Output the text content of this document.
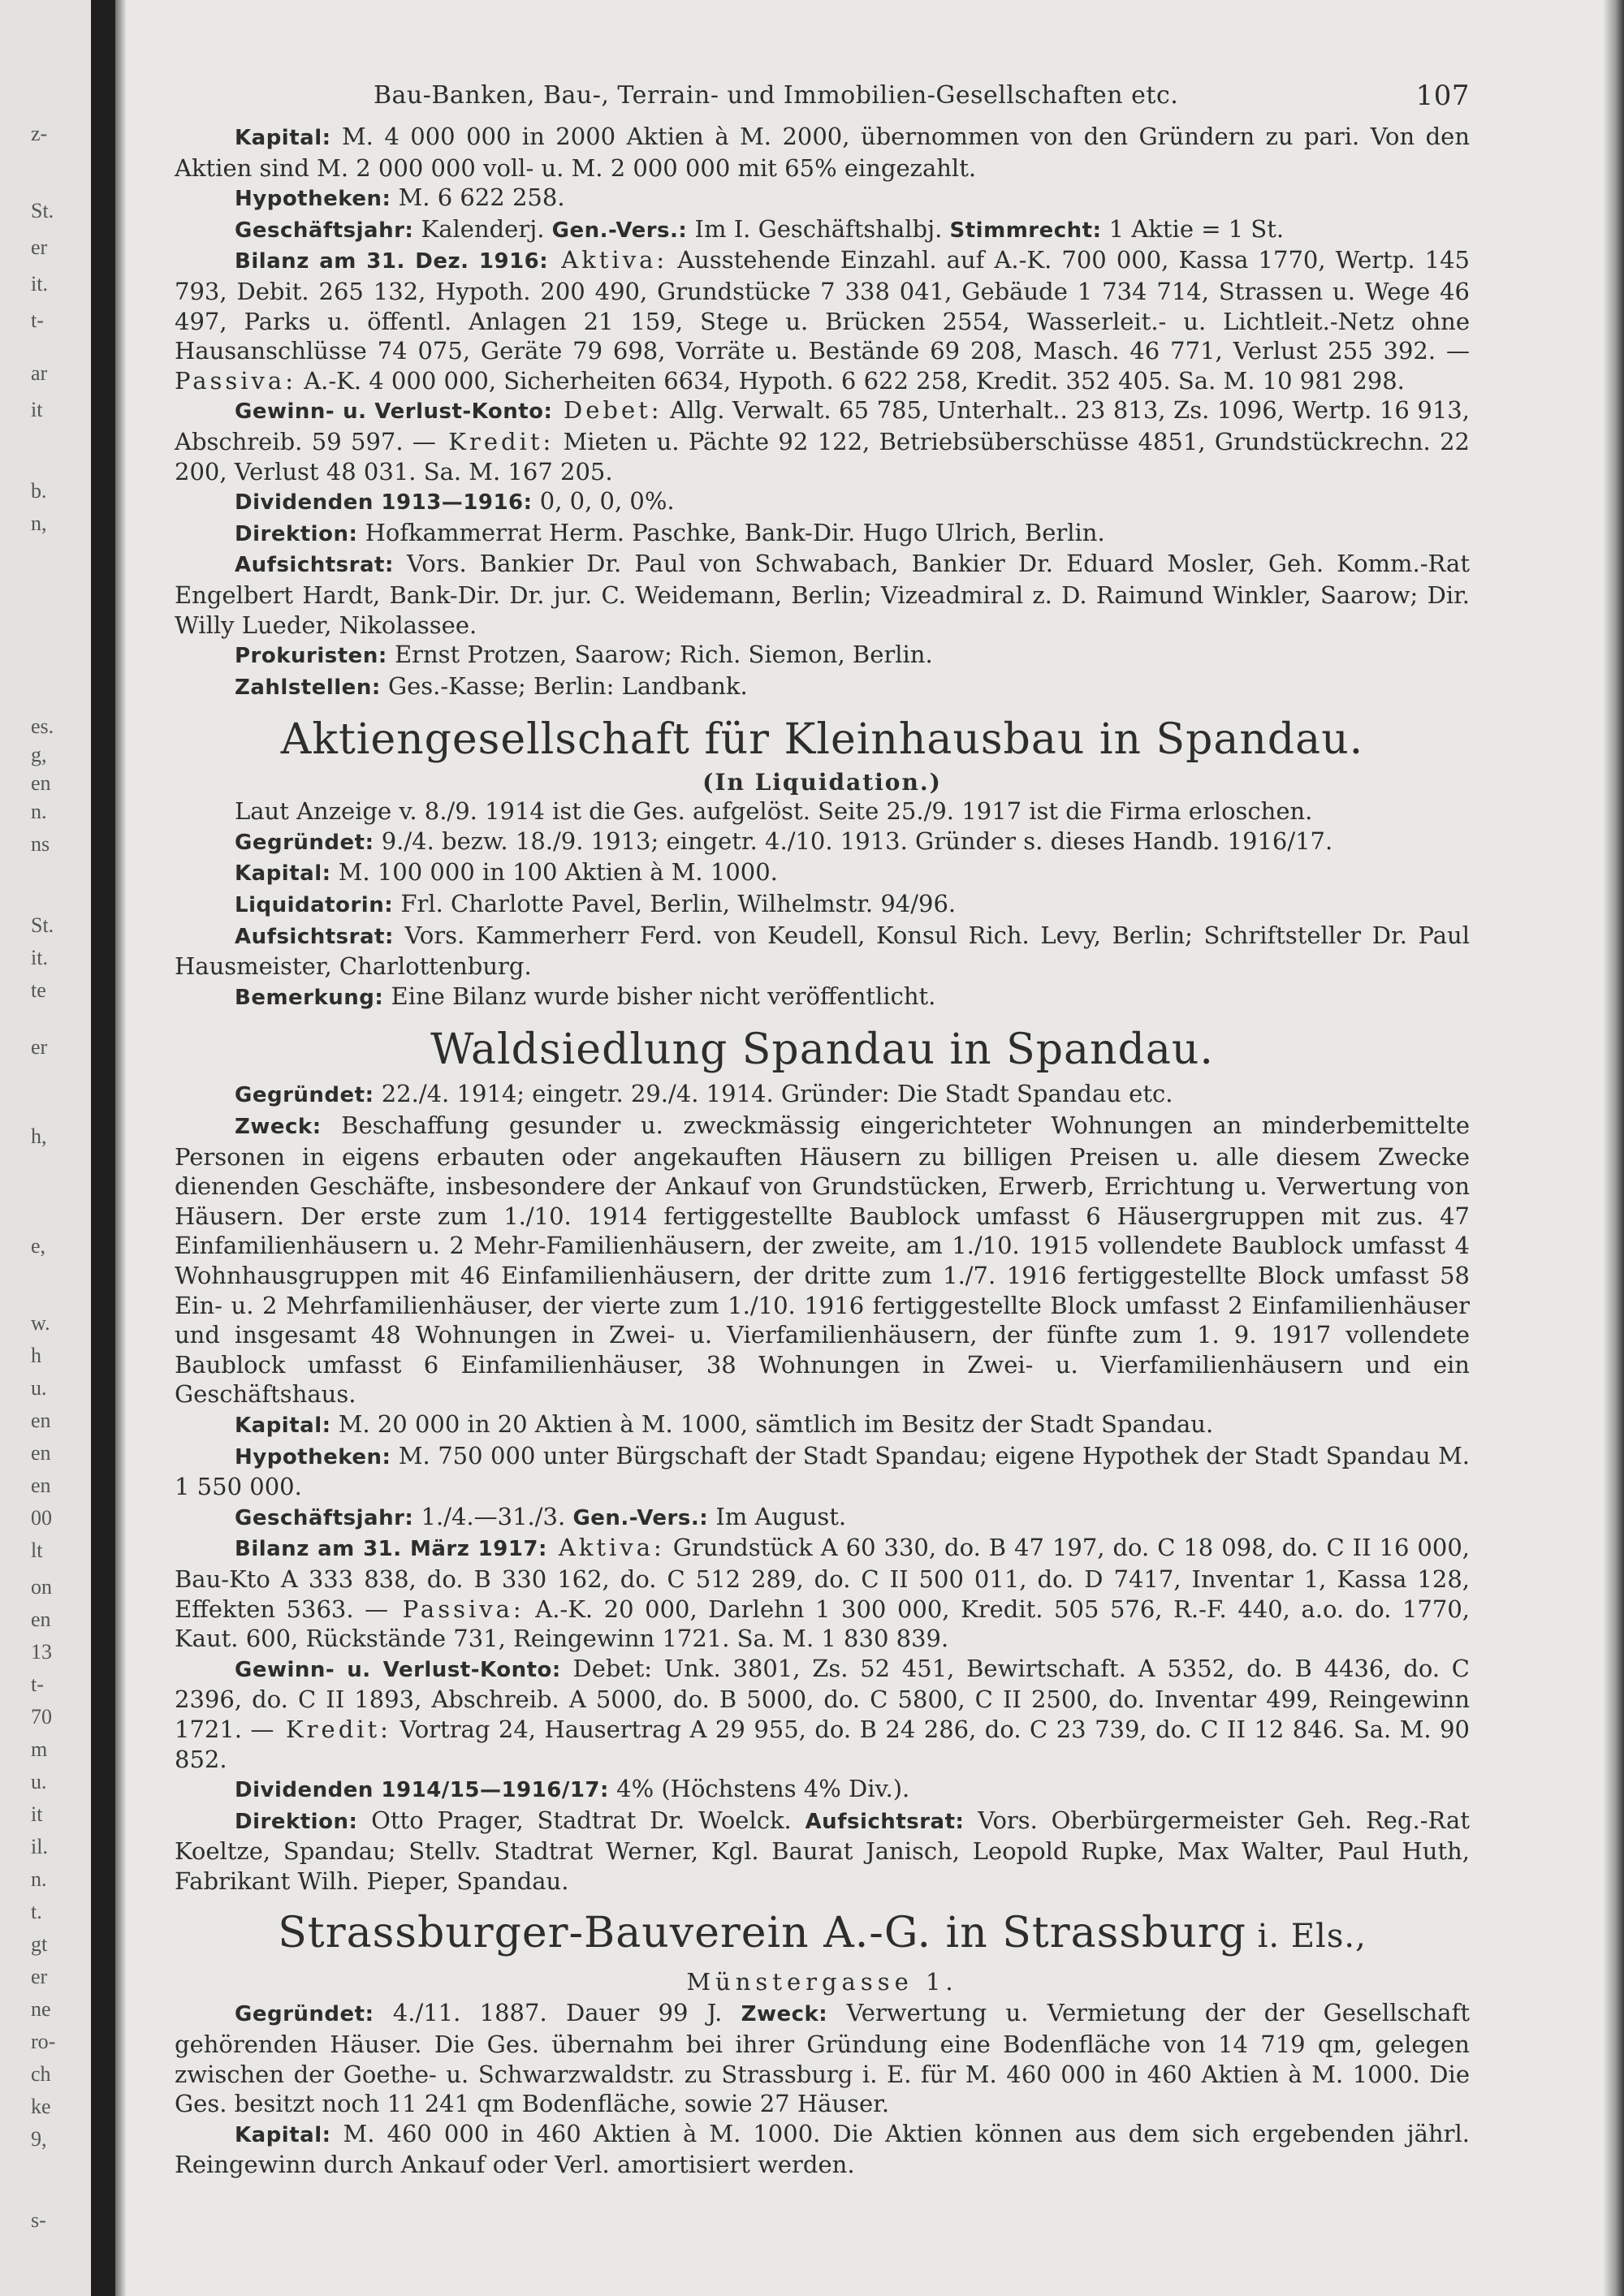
z-
St.
er
it.
t-
ar
it
b.
n,
es.
g,
en
n.
ns
St.
it.
te
er
h,
e,
w.
h
u.
en
en
en
00
lt
on
en
13
t-
70
m
u.
it
il.
n.
t.
gt
er
ne
ro-
ch
ke
9,
s-
Bau-Banken, Bau-, Terrain- und Immobilien-Gesellschaften etc.	107

Kapital: M. 4 000 000 in 2000 Aktien à M. 2000, übernommen von den Gründern zu pari. Von den Aktien sind M. 2 000 000 voll- u. M. 2 000 000 mit 65% eingezahlt.

Hypotheken: M. 6 622 258.

Geschäftsjahr: Kalenderj. Gen.-Vers.: Im I. Geschäftshalbj. Stimmrecht: 1 Aktie = 1 St.

Bilanz am 31. Dez. 1916: Aktiva: Ausstehende Einzahl. auf A.-K. 700 000, Kassa 1770, Wertp. 145 793, Debit. 265 132, Hypoth. 200 490, Grundstücke 7 338 041, Gebäude 1 734 714, Strassen u. Wege 46 497, Parks u. öffentl. Anlagen 21 159, Stege u. Brücken 2554, Wasserleit.- u. Lichtleit.-Netz ohne Hausanschlüsse 74 075, Geräte 79 698, Vorräte u. Bestände 69 208, Masch. 46 771, Verlust 255 392. — Passiva: A.-K. 4 000 000, Sicherheiten 6634, Hypoth. 6 622 258, Kredit. 352 405. Sa. M. 10 981 298.

Gewinn- u. Verlust-Konto: Debet: Allg. Verwalt. 65 785, Unterhalt.. 23 813, Zs. 1096, Wertp. 16 913, Abschreib. 59 597. — Kredit: Mieten u. Pächte 92 122, Betriebsüberschüsse 4851, Grundstückrechn. 22 200, Verlust 48 031. Sa. M. 167 205.

Dividenden 1913—1916: 0, 0, 0, 0%.

Direktion: Hofkammerrat Herm. Paschke, Bank-Dir. Hugo Ulrich, Berlin.

Aufsichtsrat: Vors. Bankier Dr. Paul von Schwabach, Bankier Dr. Eduard Mosler, Geh. Komm.-Rat Engelbert Hardt, Bank-Dir. Dr. jur. C. Weidemann, Berlin; Vizeadmiral z. D. Raimund Winkler, Saarow; Dir. Willy Lueder, Nikolassee.

Prokuristen: Ernst Protzen, Saarow; Rich. Siemon, Berlin.

Zahlstellen: Ges.-Kasse; Berlin: Landbank.

Aktiengesellschaft für Kleinhausbau in Spandau.
(In Liquidation.)

Laut Anzeige v. 8./9. 1914 ist die Ges. aufgelöst. Seite 25./9. 1917 ist die Firma erloschen.

Gegründet: 9./4. bezw. 18./9. 1913; eingetr. 4./10. 1913. Gründer s. dieses Handb. 1916/17.

Kapital: M. 100 000 in 100 Aktien à M. 1000.

Liquidatorin: Frl. Charlotte Pavel, Berlin, Wilhelmstr. 94/96.

Aufsichtsrat: Vors. Kammerherr Ferd. von Keudell, Konsul Rich. Levy, Berlin; Schriftsteller Dr. Paul Hausmeister, Charlottenburg.

Bemerkung: Eine Bilanz wurde bisher nicht veröffentlicht.

Waldsiedlung Spandau in Spandau.

Gegründet: 22./4. 1914; eingetr. 29./4. 1914. Gründer: Die Stadt Spandau etc.

Zweck: Beschaffung gesunder u. zweckmässig eingerichteter Wohnungen an minderbemittelte Personen in eigens erbauten oder angekauften Häusern zu billigen Preisen u. alle diesem Zwecke dienenden Geschäfte, insbesondere der Ankauf von Grundstücken, Erwerb, Errichtung u. Verwertung von Häusern. Der erste zum 1./10. 1914 fertiggestellte Baublock umfasst 6 Häusergruppen mit zus. 47 Einfamilienhäusern u. 2 Mehr-Familienhäusern, der zweite, am 1./10. 1915 vollendete Baublock umfasst 4 Wohnhausgruppen mit 46 Einfamilienhäusern, der dritte zum 1./7. 1916 fertiggestellte Block umfasst 58 Ein- u. 2 Mehrfamilienhäuser, der vierte zum 1./10. 1916 fertiggestellte Block umfasst 2 Einfamilienhäuser und insgesamt 48 Wohnungen in Zwei- u. Vierfamilienhäusern, der fünfte zum 1. 9. 1917 vollendete Baublock umfasst 6 Einfamilienhäuser, 38 Wohnungen in Zwei- u. Vierfamilienhäusern und ein Geschäftshaus.

Kapital: M. 20 000 in 20 Aktien à M. 1000, sämtlich im Besitz der Stadt Spandau.

Hypotheken: M. 750 000 unter Bürgschaft der Stadt Spandau; eigene Hypothek der Stadt Spandau M. 1 550 000.

Geschäftsjahr: 1./4.—31./3. Gen.-Vers.: Im August.

Bilanz am 31. März 1917: Aktiva: Grundstück A 60 330, do. B 47 197, do. C 18 098, do. C II 16 000, Bau-Kto A 333 838, do. B 330 162, do. C 512 289, do. C II 500 011, do. D 7417, Inventar 1, Kassa 128, Effekten 5363. — Passiva: A.-K. 20 000, Darlehn 1 300 000, Kredit. 505 576, R.-F. 440, a.o. do. 1770, Kaut. 600, Rückstände 731, Reingewinn 1721. Sa. M. 1 830 839.

Gewinn- u. Verlust-Konto: Debet: Unk. 3801, Zs. 52 451, Bewirtschaft. A 5352, do. B 4436, do. C 2396, do. C II 1893, Abschreib. A 5000, do. B 5000, do. C 5800, C II 2500, do. Inventar 499, Reingewinn 1721. — Kredit: Vortrag 24, Hausertrag A 29 955, do. B 24 286, do. C 23 739, do. C II 12 846. Sa. M. 90 852.

Dividenden 1914/15—1916/17: 4% (Höchstens 4% Div.).

Direktion: Otto Prager, Stadtrat Dr. Woelck. Aufsichtsrat: Vors. Oberbürgermeister Geh. Reg.-Rat Koeltze, Spandau; Stellv. Stadtrat Werner, Kgl. Baurat Janisch, Leopold Rupke, Max Walter, Paul Huth, Fabrikant Wilh. Pieper, Spandau.

Strassburger-Bauverein A.-G. in Strassburg i. Els.,
Münstergasse 1.

Gegründet: 4./11. 1887. Dauer 99 J. Zweck: Verwertung u. Vermietung der der Gesellschaft gehörenden Häuser. Die Ges. übernahm bei ihrer Gründung eine Bodenfläche von 14 719 qm, gelegen zwischen der Goethe- u. Schwarzwaldstr. zu Strassburg i. E. für M. 460 000 in 460 Aktien à M. 1000. Die Ges. besitzt noch 11 241 qm Bodenfläche, sowie 27 Häuser.

Kapital: M. 460 000 in 460 Aktien à M. 1000. Die Aktien können aus dem sich ergebenden jährl. Reingewinn durch Ankauf oder Verl. amortisiert werden.
